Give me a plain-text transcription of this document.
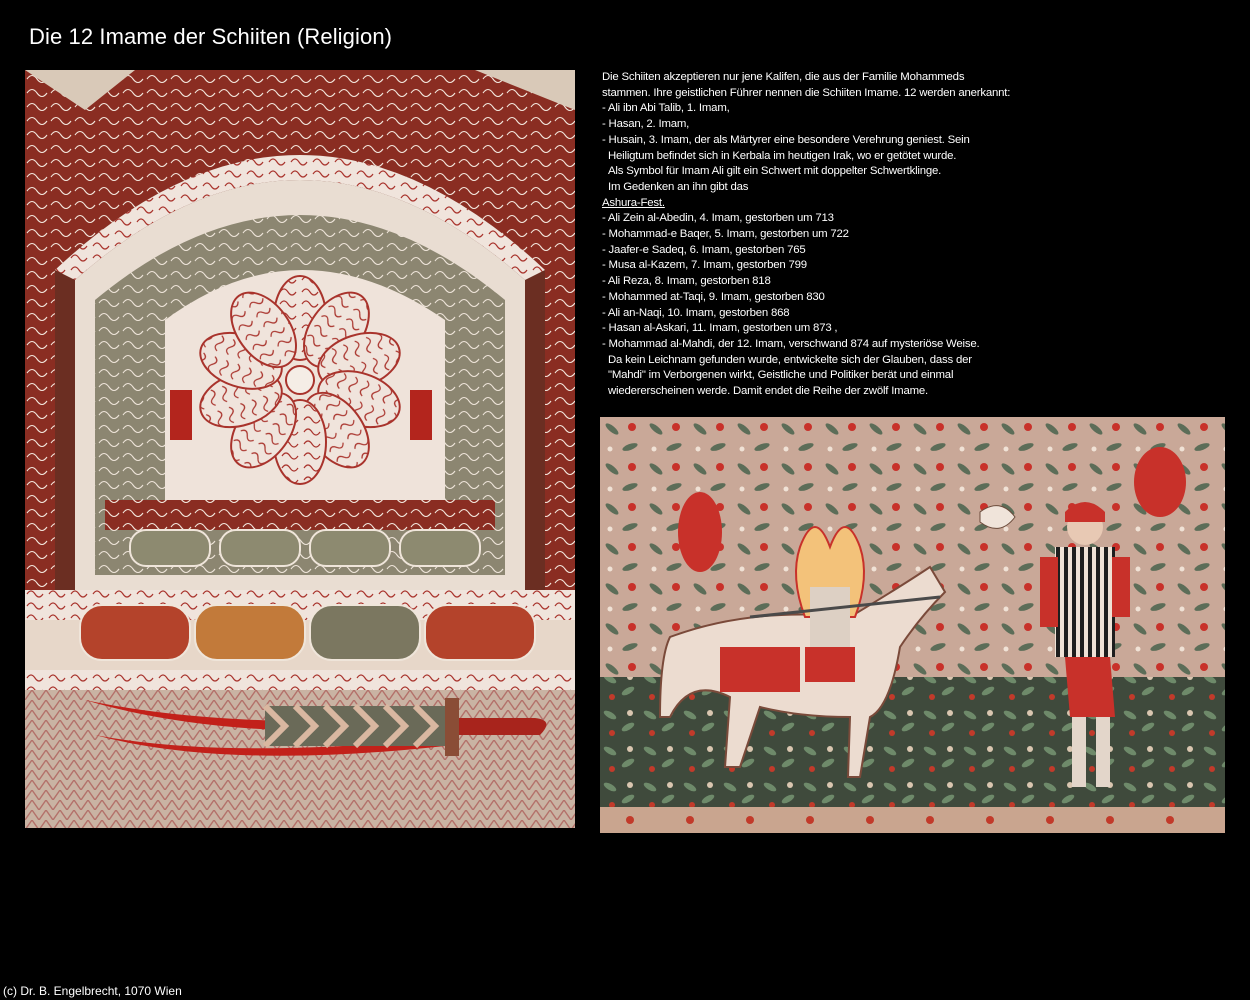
Die 12 Imame der Schiiten (Religion)
Die Schiiten akzeptieren nur jene Kalifen, die aus der Familie Mohammeds
stammen. Ihre geistlichen Führer nennen die Schiiten Imame. 12 werden anerkannt:
- Ali ibn Abi Talib, 1. Imam,
- Hasan, 2. Imam,
- Husain, 3. Imam, der als Märtyrer eine besondere Verehrung geniest. Sein
Heiligtum befindet sich in Kerbala im heutigen Irak, wo er getötet wurde.
Als Symbol für Imam Ali gilt ein Schwert mit doppelter Schwertklinge.
Im Gedenken an ihn gibt das
Ashura-Fest.
- Ali Zein al-Abedin, 4. Imam, gestorben um 713
- Mohammad-e Baqer, 5. Imam, gestorben um 722
- Jaafer-e Sadeq, 6. Imam, gestorben 765
- Musa al-Kazem, 7. Imam, gestorben 799
- Ali Reza, 8. Imam, gestorben 818
- Mohammed at-Taqi, 9. Imam, gestorben 830
- Ali an-Naqi, 10. Imam, gestorben 868
- Hasan al-Askari, 11. Imam, gestorben um 873 ,
- Mohammad al-Mahdi, der 12. Imam, verschwand 874 auf mysteriöse Weise.
Da kein Leichnam gefunden wurde, entwickelte sich der Glauben, dass der
"Mahdi" im Verborgenen wirkt, Geistliche und Politiker berät und einmal
wiedererscheinen werde. Damit endet die Reihe der zwölf Imame.
(c) Dr. B. Engelbrecht, 1070 Wien
